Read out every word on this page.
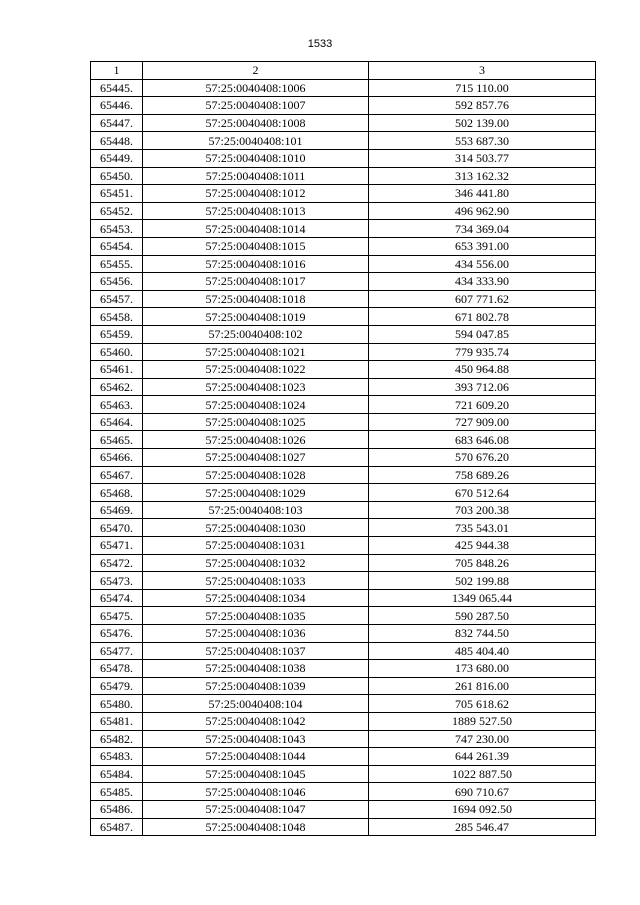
1533
1	2	3
65445.	57:25:0040408:1006	715 110.00
65446.	57:25:0040408:1007	592 857.76
65447.	57:25:0040408:1008	502 139.00
65448.	57:25:0040408:101	553 687.30
65449.	57:25:0040408:1010	314 503.77
65450.	57:25:0040408:1011	313 162.32
65451.	57:25:0040408:1012	346 441.80
65452.	57:25:0040408:1013	496 962.90
65453.	57:25:0040408:1014	734 369.04
65454.	57:25:0040408:1015	653 391.00
65455.	57:25:0040408:1016	434 556.00
65456.	57:25:0040408:1017	434 333.90
65457.	57:25:0040408:1018	607 771.62
65458.	57:25:0040408:1019	671 802.78
65459.	57:25:0040408:102	594 047.85
65460.	57:25:0040408:1021	779 935.74
65461.	57:25:0040408:1022	450 964.88
65462.	57:25:0040408:1023	393 712.06
65463.	57:25:0040408:1024	721 609.20
65464.	57:25:0040408:1025	727 909.00
65465.	57:25:0040408:1026	683 646.08
65466.	57:25:0040408:1027	570 676.20
65467.	57:25:0040408:1028	758 689.26
65468.	57:25:0040408:1029	670 512.64
65469.	57:25:0040408:103	703 200.38
65470.	57:25:0040408:1030	735 543.01
65471.	57:25:0040408:1031	425 944.38
65472.	57:25:0040408:1032	705 848.26
65473.	57:25:0040408:1033	502 199.88
65474.	57:25:0040408:1034	1349 065.44
65475.	57:25:0040408:1035	590 287.50
65476.	57:25:0040408:1036	832 744.50
65477.	57:25:0040408:1037	485 404.40
65478.	57:25:0040408:1038	173 680.00
65479.	57:25:0040408:1039	261 816.00
65480.	57:25:0040408:104	705 618.62
65481.	57:25:0040408:1042	1889 527.50
65482.	57:25:0040408:1043	747 230.00
65483.	57:25:0040408:1044	644 261.39
65484.	57:25:0040408:1045	1022 887.50
65485.	57:25:0040408:1046	690 710.67
65486.	57:25:0040408:1047	1694 092.50
65487.	57:25:0040408:1048	285 546.47
